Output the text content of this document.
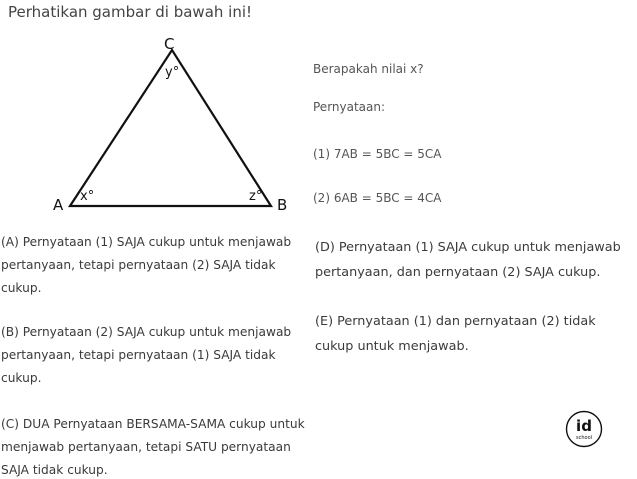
Perhatikan gambar di bawah ini!

C
A	B
y°
x°	z°

Berapakah nilai x?

Pernyataan:

(1) 7AB = 5BC = 5CA

(2) 6AB = 5BC = 4CA

(A) Pernyataan (1) SAJA cukup untuk menjawab pertanyaan, tetapi pernyataan (2) SAJA tidak cukup.

(B) Pernyataan (2) SAJA cukup untuk menjawab pertanyaan, tetapi pernyataan (1) SAJA tidak cukup.

(C) DUA Pernyataan BERSAMA-SAMA cukup untuk menjawab pertanyaan, tetapi SATU pernyataan SAJA tidak cukup.

(D) Pernyataan (1) SAJA cukup untuk menjawab pertanyaan, dan pernyataan (2) SAJA cukup.

(E) Pernyataan (1) dan pernyataan (2) tidak cukup untuk menjawab.

id
school
